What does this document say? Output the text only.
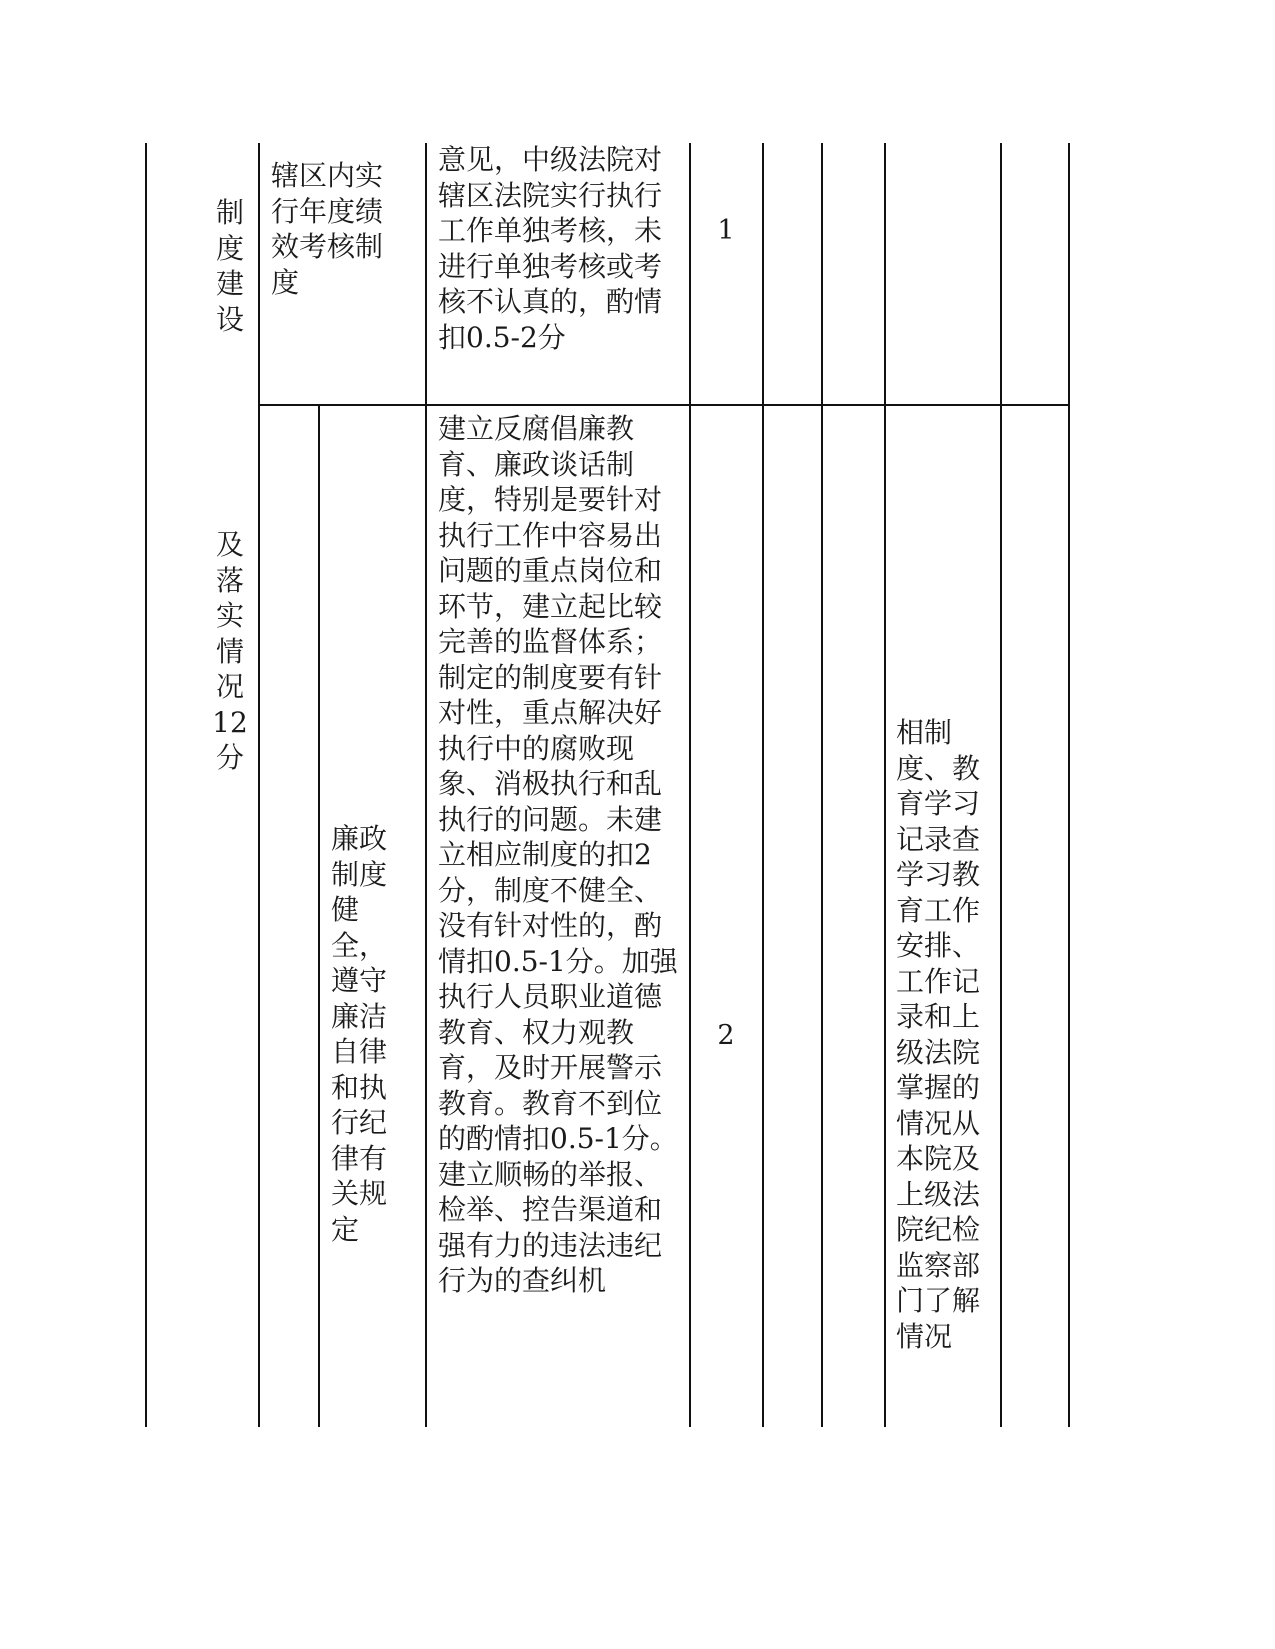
制度建设
辖区内实行年度绩效考核制度
意见，中级法院对辖区法院实行执行工作单独考核，未进行单独考核或考核不认真的，酌情扣0.5-2分
1
及落实情况 12分
廉政制度健全，遵守廉洁自律和执行纪律有关规定
建立反腐倡廉教育、廉政谈话制度，特别是要针对执行工作中容易出问题的重点岗位和环节，建立起比较完善的监督体系；制定的制度要有针对性，重点解决好执行中的腐败现象、消极执行和乱执行的问题。未建立相应制度的扣2分，制度不健全、没有针对性的，酌情扣0.5-1分。加强执行人员职业道德教育、权力观教育，及时开展警示教育。教育不到位的酌情扣0.5-1分。建立顺畅的举报、检举、控告渠道和强有力的违法违纪行为的查纠机
2
相制度、教育学习记录查学习教育工作安排、工作记录和上级法院掌握的情况从本院及上级法院纪检监察部门了解情况
